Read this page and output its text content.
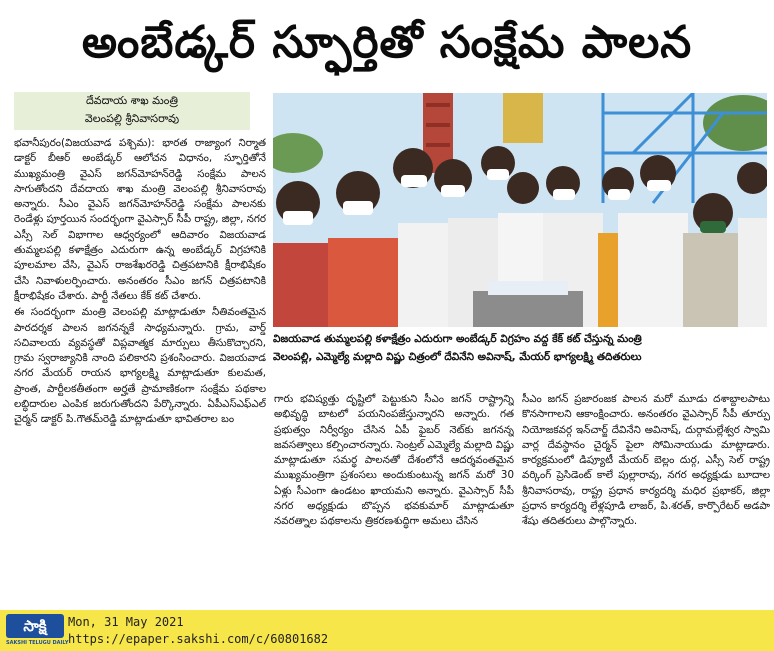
అంబేడ్కర్ స్ఫూర్తితో సంక్షేమ పాలన
దేవదాయ శాఖ మంత్రి
వెలంపల్లి శ్రీనివాసరావు

భవానీపురం(విజయవాడ పశ్చిమ): భారత రాజ్యాంగ నిర్మాత డాక్టర్ బీఆర్ అంబేడ్కర్ ఆలోచన విధానం, స్ఫూర్తితోనే ముఖ్యమంత్రి వైఎస్ జగన్‌మోహన్‌రెడ్డి సంక్షేమ పాలన సాగుతోందని దేవదాయ శాఖ మంత్రి వెలంపల్లి శ్రీనివాసరావు అన్నారు. సీఎం వైఎస్ జగన్‌మోహన్‌రెడ్డి సంక్షేమ పాలనకు రెండేళ్లు పూర్తయిన సందర్భంగా వైఎస్సార్ సీపీ రాష్ట్ర, జిల్లా, నగర ఎస్సీ సెల్ విభాగాల ఆధ్వర్యంలో ఆదివారం విజయవాడ తుమ్మలపల్లి కళాక్షేత్రం ఎదురుగా ఉన్న అంబేడ్కర్ విగ్రహానికి పూలమాల వేసి, వైఎస్ రాజశేఖరరెడ్డి చిత్రపటానికి క్షీరాభిషేకం చేసి నివాళులర్పించారు. అనంతరం సీఎం జగన్ చిత్రపటానికి క్షీరాభిషేకం చేశారు. పార్టీ నేతలు కేక్ కట్ చేశారు.

ఈ సందర్భంగా మంత్రి వెలంపల్లి మాట్లాడుతూ నీతివంతమైన పారదర్శక పాలన జగనన్నకే సాధ్యమన్నారు. గ్రామ, వార్డ్ సచివాలయ వ్యవస్థతో విప్లవాత్మక మార్పులు తీసుకొచ్చారని, గ్రామ స్వరాజ్యానికి నాంది పలికారని ప్రశంసించారు. విజయవాడ నగర మేయర్ రాయన భాగ్యలక్ష్మి మాట్లాడుతూ కులమత, ప్రాంత, పార్టీలకతీతంగా అర్హతే ప్రామాణికంగా సంక్షేమ పథకాల లబ్ధిదారుల ఎంపిక జరుగుతోందని పేర్కొన్నారు. ఏపీఎస్ఎఫ్ఎల్ చైర్మన్ డాక్టర్ పి.గౌతమ్‌రెడ్డి మాట్లాడుతూ భావితరాల బం

విజయవాడ తుమ్మలపల్లి కళాక్షేత్రం ఎదురుగా అంబేడ్కర్ విగ్రహం వద్ద కేక్ కట్ చేస్తున్న మంత్రి
వెలంపల్లి, ఎమ్మెల్యే మల్లాది విష్ణు చిత్రంలో దేవినేని అవినాష్, మేయర్ భాగ్యలక్ష్మి తదితరులు

గారు భవిష్యత్తు దృష్టిలో పెట్టుకుని సీఎం జగన్ రాష్ట్రాన్ని అభివృద్ధి బాటలో పయనింపజేస్తున్నారని అన్నారు. గత ప్రభుత్వం నిర్వీర్యం చేసిన ఏపీ ఫైబర్ నెట్‌కు జగనన్న జవసత్వాలు కల్పించారన్నారు. సెంట్రల్ ఎమ్మెల్యే మల్లాది విష్ణు మాట్లాడుతూ సమర్థ పాలనతో దేశంలోనే ఆదర్శవంతమైన ముఖ్యమంత్రిగా ప్రశంసలు అందుకుంటున్న జగన్ మరో 30 ఏళ్లు సీఎంగా ఉండటం ఖాయమని అన్నారు. వైఎస్సార్ సీపీ నగర అధ్యక్షుడు బొప్పన భవకుమార్ మాట్లాడుతూ నవరత్నాల పథకాలను త్రికరణశుద్ధిగా అమలు చేసిన

సీఎం జగన్ ప్రజారంజక పాలన మరో మూడు దశాబ్దాలపాటు కొనసాగాలని ఆకాంక్షించారు. అనంతరం వైఎస్సార్ సీపీ తూర్పు నియోజకవర్గ ఇన్‌చార్జ్ దేవినేని అవినాష్, దుర్గామల్లేశ్వర స్వామి వార్ల దేవస్థానం చైర్మన్ పైలా సోమినాయుడు మాట్లాడారు. కార్యక్రమంలో డిప్యూటీ మేయర్ బెల్లం దుర్గ, ఎస్సీ సెల్ రాష్ట్ర వర్కింగ్ ప్రెసిడెంట్ కాలే పుల్లారావు, నగర అధ్యక్షుడు బూదాల శ్రీనివాసరావు, రాష్ట్ర ప్రధాన కార్యదర్శి మధిర ప్రభాకర్, జిల్లా ప్రధాన కార్యదర్శి లేళ్లపూడి లాజర్, పి.శరత్, కార్పొరేటర్ అడపా శేషు తదితరులు పాల్గొన్నారు.

సాక్షి
SAKSHI TELUGU DAILY
Mon, 31 May 2021
https://epaper.sakshi.com/c/60801682
